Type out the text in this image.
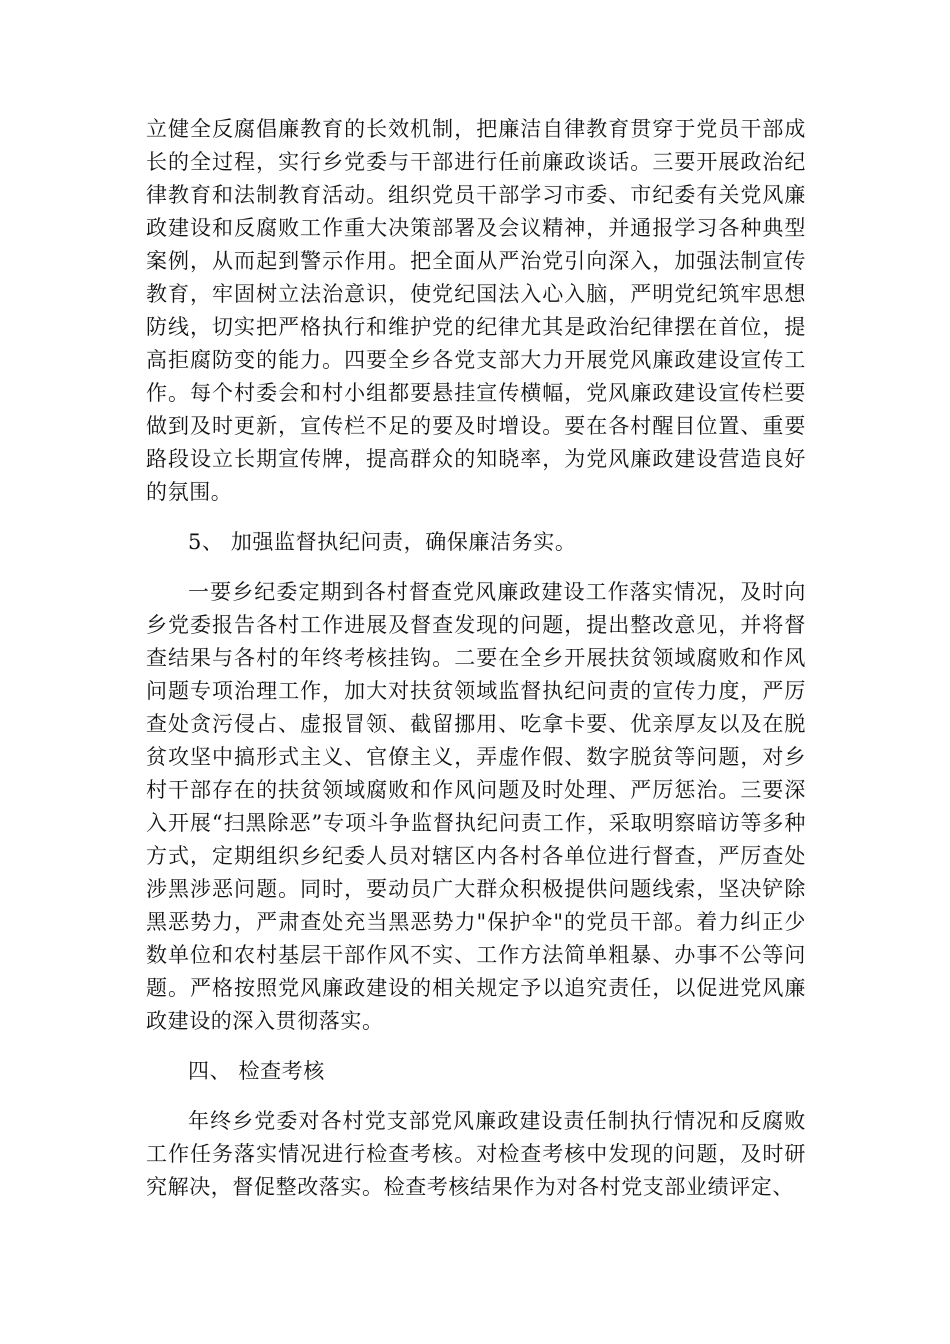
立健全反腐倡廉教育的长效机制，把廉洁自律教育贯穿于党员干部成长的全过程，实行乡党委与干部进行任前廉政谈话。三要开展政治纪律教育和法制教育活动。组织党员干部学习市委、市纪委有关党风廉政建设和反腐败工作重大决策部署及会议精神，并通报学习各种典型案例，从而起到警示作用。把全面从严治党引向深入，加强法制宣传教育，牢固树立法治意识，使党纪国法入心入脑，严明党纪筑牢思想防线，切实把严格执行和维护党的纪律尤其是政治纪律摆在首位，提高拒腐防变的能力。四要全乡各党支部大力开展党风廉政建设宣传工作。每个村委会和村小组都要悬挂宣传横幅，党风廉政建设宣传栏要做到及时更新，宣传栏不足的要及时增设。要在各村醒目位置、重要路段设立长期宣传牌，提高群众的知晓率，为党风廉政建设营造良好的氛围。

5、 加强监督执纪问责，确保廉洁务实。

一要乡纪委定期到各村督查党风廉政建设工作落实情况，及时向乡党委报告各村工作进展及督查发现的问题，提出整改意见，并将督查结果与各村的年终考核挂钩。二要在全乡开展扶贫领域腐败和作风问题专项治理工作，加大对扶贫领域监督执纪问责的宣传力度，严厉查处贪污侵占、虚报冒领、截留挪用、吃拿卡要、优亲厚友以及在脱贫攻坚中搞形式主义、官僚主义，弄虚作假、数字脱贫等问题，对乡村干部存在的扶贫领域腐败和作风问题及时处理、严厉惩治。三要深入开展“扫黑除恶”专项斗争监督执纪问责工作，采取明察暗访等多种方式，定期组织乡纪委人员对辖区内各村各单位进行督查，严厉查处涉黑涉恶问题。同时，要动员广大群众积极提供问题线索，坚决铲除黑恶势力，严肃查处充当黑恶势力"保护伞"的党员干部。着力纠正少数单位和农村基层干部作风不实、工作方法简单粗暴、办事不公等问题。严格按照党风廉政建设的相关规定予以追究责任，以促进党风廉政建设的深入贯彻落实。

四、 检查考核

年终乡党委对各村党支部党风廉政建设责任制执行情况和反腐败工作任务落实情况进行检查考核。对检查考核中发现的问题，及时研究解决，督促整改落实。检查考核结果作为对各村党支部业绩评定、
